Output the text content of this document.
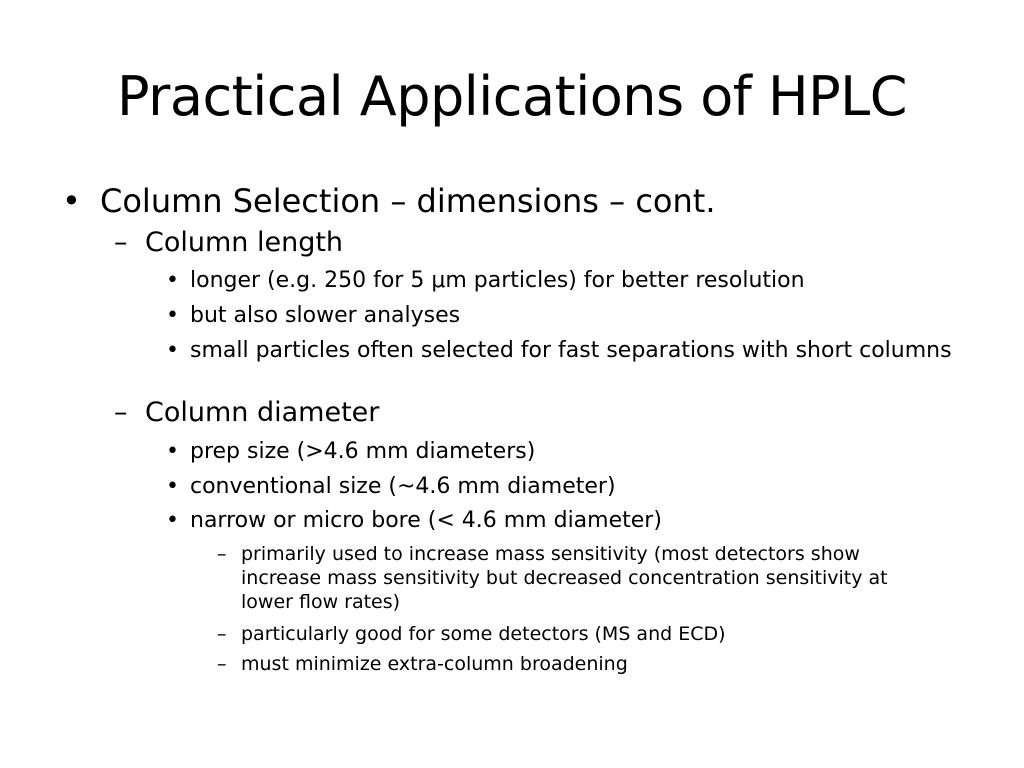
Practical Applications of HPLC
• Column Selection – dimensions – cont.
– Column length
• longer (e.g. 250 for 5 μm particles) for better resolution
• but also slower analyses
• small particles often selected for fast separations with short columns
– Column diameter
• prep size (>4.6 mm diameters)
• conventional size (~4.6 mm diameter)
• narrow or micro bore (< 4.6 mm diameter)
– primarily used to increase mass sensitivity (most detectors show increase mass sensitivity but decreased concentration sensitivity at lower flow rates)
– particularly good for some detectors (MS and ECD)
– must minimize extra-column broadening
